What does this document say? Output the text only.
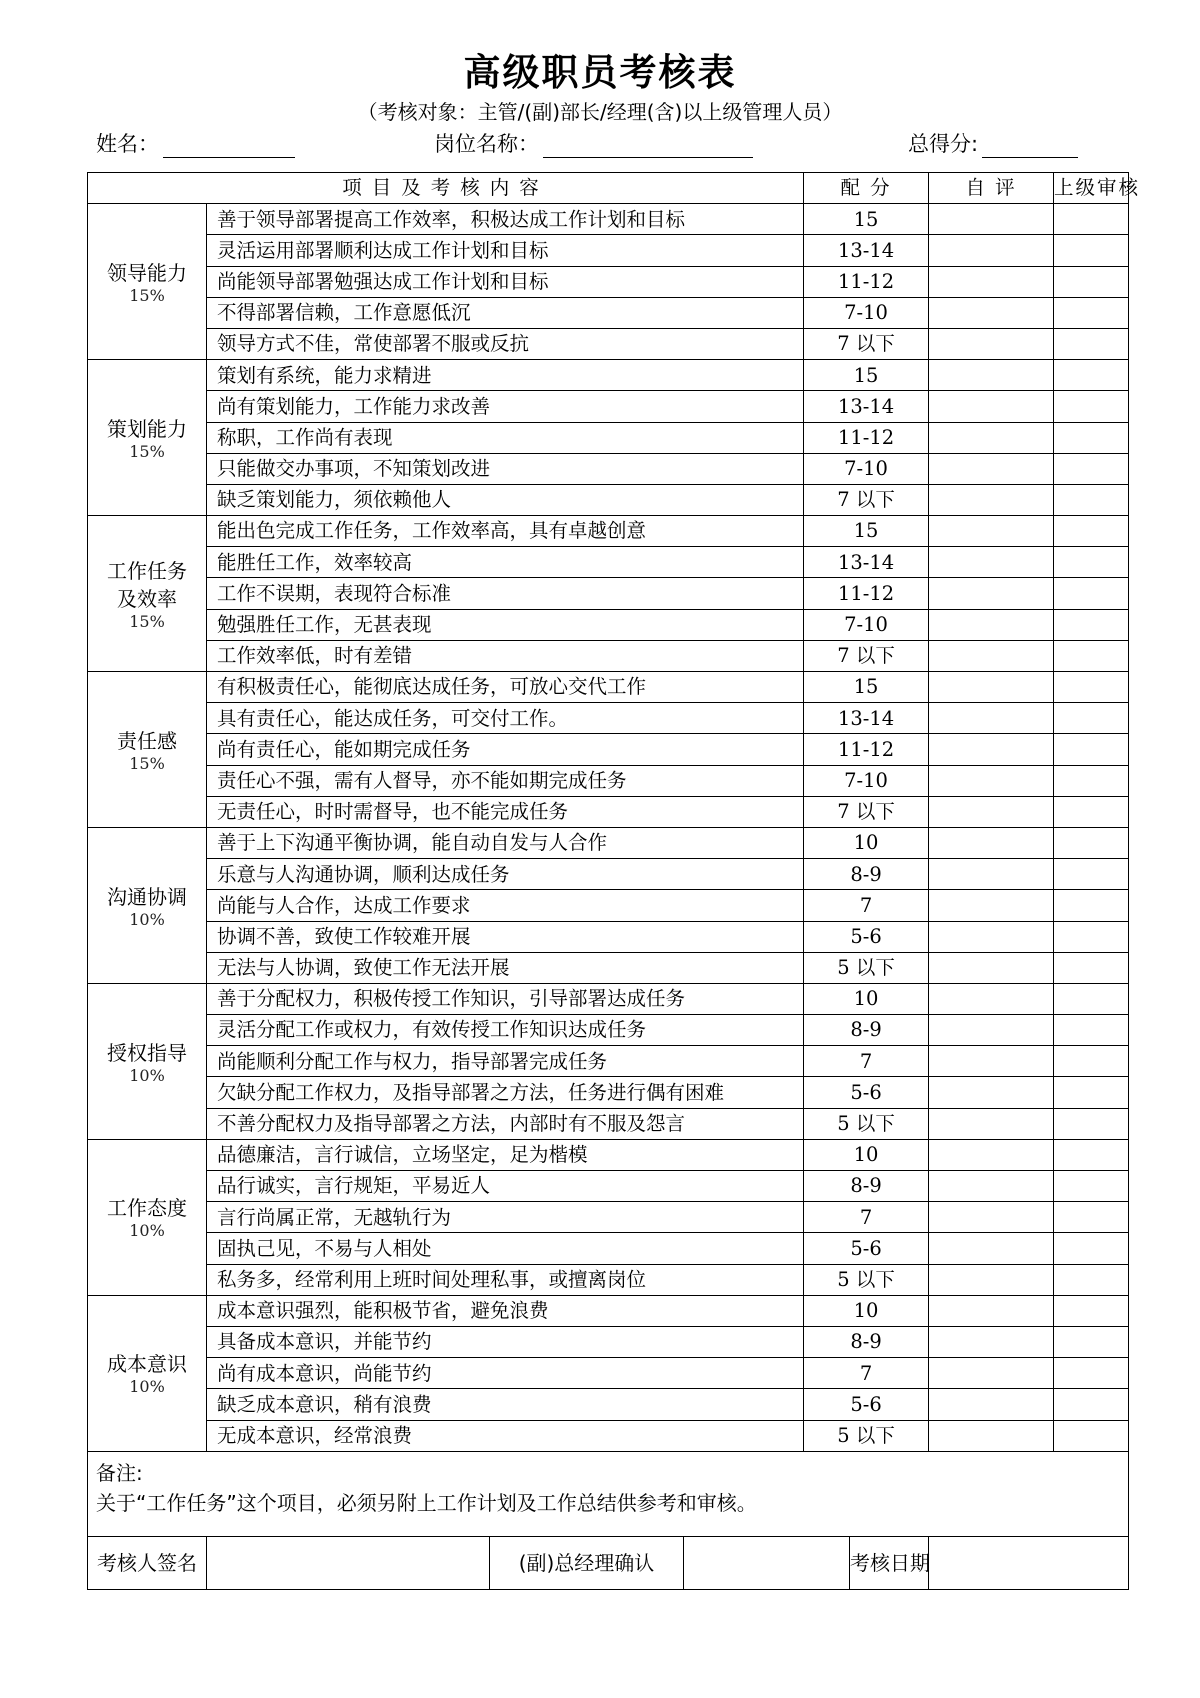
高级职员考核表
（考核对象：主管/(副)部长/经理(含)以上级管理人员）
姓名：	岗位名称：	总得分:
项目及考核内容				配 分		自 评	上级审核

领导能力
15%	善于领导部署提高工作效率，积极达成工作计划和目标			15			
	灵活运用部署顺利达成工作计划和目标			13-14			
	尚能领导部署勉强达成工作计划和目标			11-12			
	不得部署信赖，工作意愿低沉			7-10			
	领导方式不佳，常使部署不服或反抗			7 以下			

策划能力
15%	策划有系统，能力求精进			15			
	尚有策划能力，工作能力求改善			13-14			
	称职，工作尚有表现			11-12			
	只能做交办事项，不知策划改进			7-10			
	缺乏策划能力，须依赖他人			7 以下			

工作任务及效率
15%	能出色完成工作任务，工作效率高，具有卓越创意			15			
	能胜任工作，效率较高			13-14			
	工作不误期，表现符合标准			11-12			
	勉强胜任工作，无甚表现			7-10			
	工作效率低，时有差错			7 以下			

责任感
15%	有积极责任心，能彻底达成任务，可放心交代工作			15			
	具有责任心，能达成任务，可交付工作。			13-14			
	尚有责任心，能如期完成任务			11-12			
	责任心不强，需有人督导，亦不能如期完成任务			7-10			
	无责任心，时时需督导，也不能完成任务			7 以下			

沟通协调
10%	善于上下沟通平衡协调，能自动自发与人合作			10			
	乐意与人沟通协调，顺利达成任务			8-9			
	尚能与人合作，达成工作要求			7			
	协调不善，致使工作较难开展			5-6			
	无法与人协调，致使工作无法开展			5 以下			

授权指导
10%	善于分配权力，积极传授工作知识，引导部署达成任务			10			
	灵活分配工作或权力，有效传授工作知识达成任务			8-9			
	尚能顺利分配工作与权力，指导部署完成任务			7			
	欠缺分配工作权力，及指导部署之方法，任务进行偶有困难			5-6			
	不善分配权力及指导部署之方法，内部时有不服及怨言			5 以下			

工作态度
10%	品德廉洁，言行诚信，立场坚定，足为楷模			10			
	品行诚实，言行规矩，平易近人			8-9			
	言行尚属正常，无越轨行为			7			
	固执己见，不易与人相处			5-6			
	私务多，经常利用上班时间处理私事，或擅离岗位			5 以下			

成本意识
10%	成本意识强烈，能积极节省，避免浪费			10			
	具备成本意识，并能节约			8-9			
	尚有成本意识，尚能节约			7			
	缺乏成本意识，稍有浪费			5-6			
	无成本意识，经常浪费			5 以下			

备注:
关于“工作任务”这个项目，必须另附上工作计划及工作总结供参考和审核。							

考核人签名		(副)总经理确认			考核日期		
